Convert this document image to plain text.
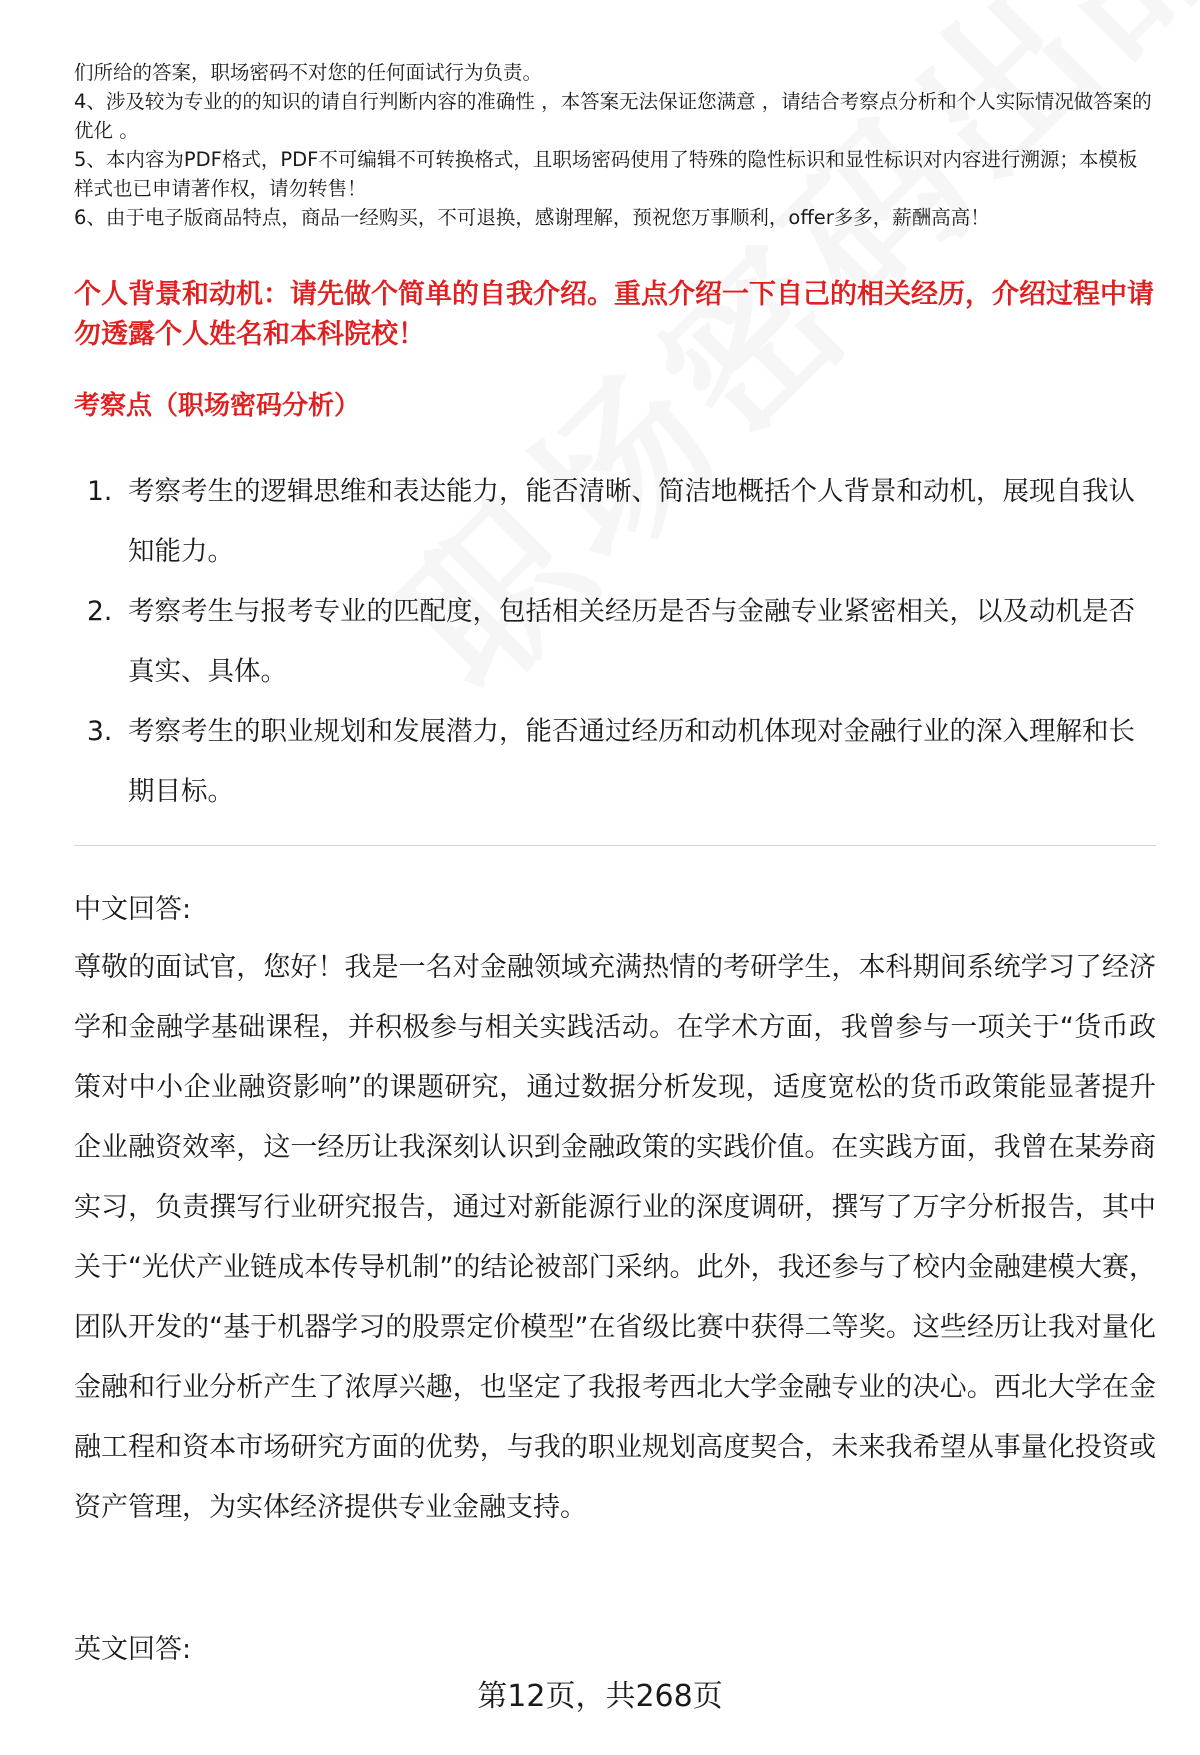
们所给的答案，职场密码不对您的任何面试行为负责。

4、涉及较为专业的的知识的请自行判断内容的准确性 ，本答案无法保证您满意 ，请结合考察点分析和个人实际情况做答案的优化 。

5、本内容为PDF格式，PDF不可编辑不可转换格式，且职场密码使用了特殊的隐性标识和显性标识对内容进行溯源；本模板样式也已申请著作权，请勿转售！

6、由于电子版商品特点，商品一经购买，不可退换，感谢理解，预祝您万事顺利，offer多多，薪酬高高！

个人背景和动机：请先做个简单的自我介绍。重点介绍一下自己的相关经历，介绍过程中请勿透露个人姓名和本科院校！
考察点（职场密码分析）
1. 考察考生的逻辑思维和表达能力，能否清晰、简洁地概括个人背景和动机，展现自我认知能力。
2. 考察考生与报考专业的匹配度，包括相关经历是否与金融专业紧密相关，以及动机是否真实、具体。
3. 考察考生的职业规划和发展潜力，能否通过经历和动机体现对金融行业的深入理解和长期目标。
中文回答:
尊敬的面试官，您好！我是一名对金融领域充满热情的考研学生，本科期间系统学习了经济学和金融学基础课程，并积极参与相关实践活动。在学术方面，我曾参与一项关于“货币政策对中小企业融资影响”的课题研究，通过数据分析发现，适度宽松的货币政策能显著提升企业融资效率，这一经历让我深刻认识到金融政策的实践价值。在实践方面，我曾在某券商实习，负责撰写行业研究报告，通过对新能源行业的深度调研，撰写了万字分析报告，其中关于“光伏产业链成本传导机制”的结论被部门采纳。此外，我还参与了校内金融建模大赛，团队开发的“基于机器学习的股票定价模型”在省级比赛中获得二等奖。这些经历让我对量化金融和行业分析产生了浓厚兴趣，也坚定了我报考西北大学金融专业的决心。西北大学在金融工程和资本市场研究方面的优势，与我的职业规划高度契合，未来我希望从事量化投资或资产管理，为实体经济提供专业金融支持。
英文回答:
第12页，共268页
